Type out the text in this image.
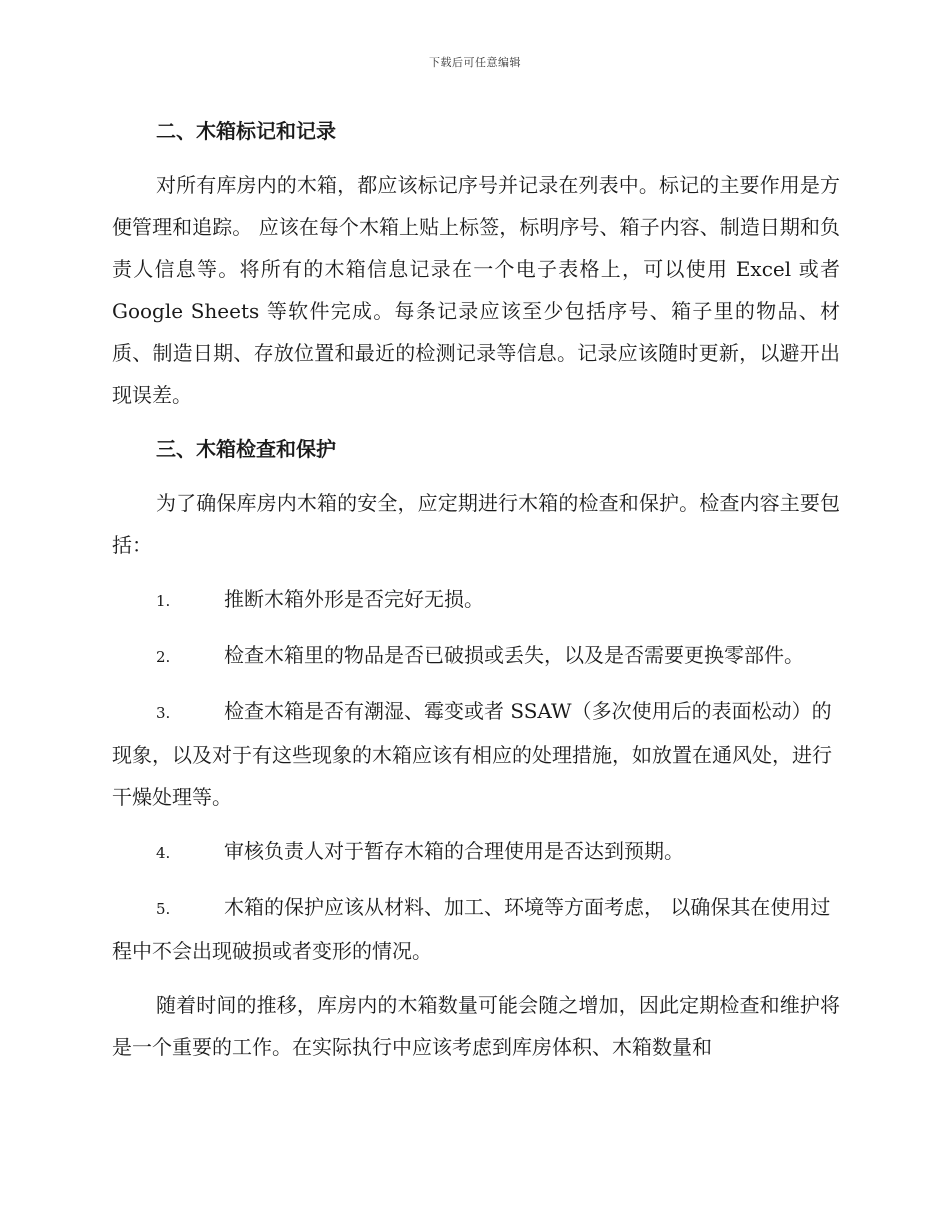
下载后可任意编辑
二、木箱标记和记录

对所有库房内的木箱，都应该标记序号并记录在列表中。标记的主要作用是方便管理和追踪。 应该在每个木箱上贴上标签，标明序号、箱子内容、制造日期和负责人信息等。将所有的木箱信息记录在一个电子表格上，可以使用 Excel 或者 Google Sheets 等软件完成。每条记录应该至少包括序号、箱子里的物品、材质、制造日期、存放位置和最近的检测记录等信息。记录应该随时更新，以避开出现误差。

三、木箱检查和保护

为了确保库房内木箱的安全，应定期进行木箱的检查和保护。检查内容主要包括：

1.	推断木箱外形是否完好无损。
2.	检查木箱里的物品是否已破损或丢失，以及是否需要更换零部件。
3.	检查木箱是否有潮湿、霉变或者 SSAW（多次使用后的表面松动）的现象，以及对于有这些现象的木箱应该有相应的处理措施，如放置在通风处，进行干燥处理等。
4.	审核负责人对于暂存木箱的合理使用是否达到预期。
5.	木箱的保护应该从材料、加工、环境等方面考虑， 以确保其在使用过程中不会出现破损或者变形的情况。

随着时间的推移，库房内的木箱数量可能会随之增加，因此定期检查和维护将是一个重要的工作。在实际执行中应该考虑到库房体积、木箱数量和
